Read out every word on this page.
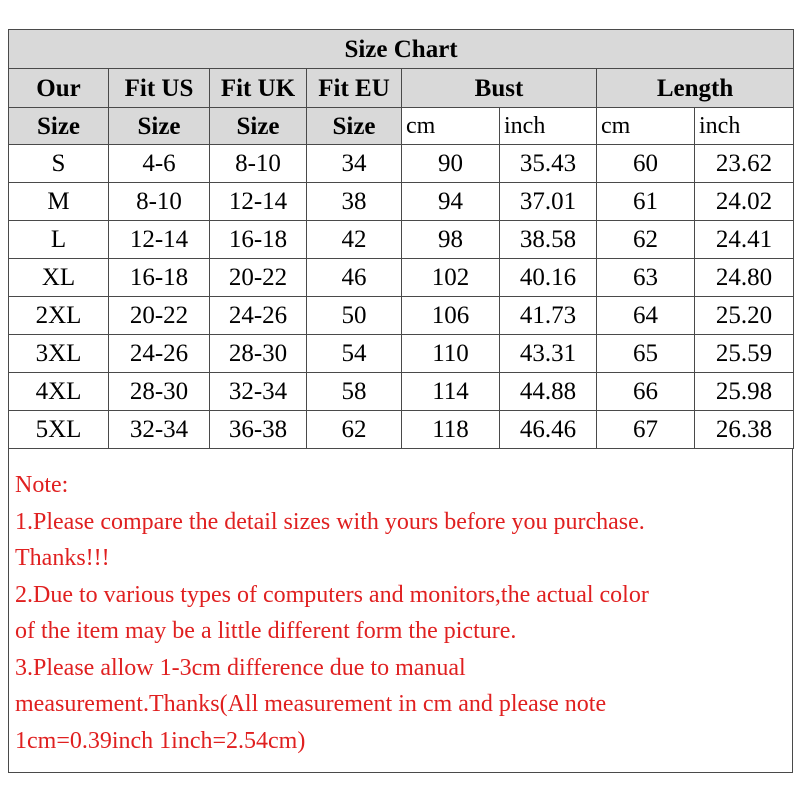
Size Chart							
Our	Fit US	Fit UK	Fit EU	Bust		Length	
Size	Size	Size	Size	cm	inch	cm	inch
S	4-6	8-10	34	90	35.43	60	23.62
M	8-10	12-14	38	94	37.01	61	24.02
L	12-14	16-18	42	98	38.58	62	24.41
XL	16-18	20-22	46	102	40.16	63	24.80
2XL	20-22	24-26	50	106	41.73	64	25.20
3XL	24-26	28-30	54	110	43.31	65	25.59
4XL	28-30	32-34	58	114	44.88	66	25.98
5XL	32-34	36-38	62	118	46.46	67	26.38
Note:
1.Please compare the detail sizes with yours before you purchase.
Thanks!!!
2.Due to various types of computers and monitors,the actual color
of the item may be a little different form the picture.
3.Please allow 1-3cm difference due to manual
measurement.Thanks(All measurement in cm and please note
1cm=0.39inch 1inch=2.54cm)
